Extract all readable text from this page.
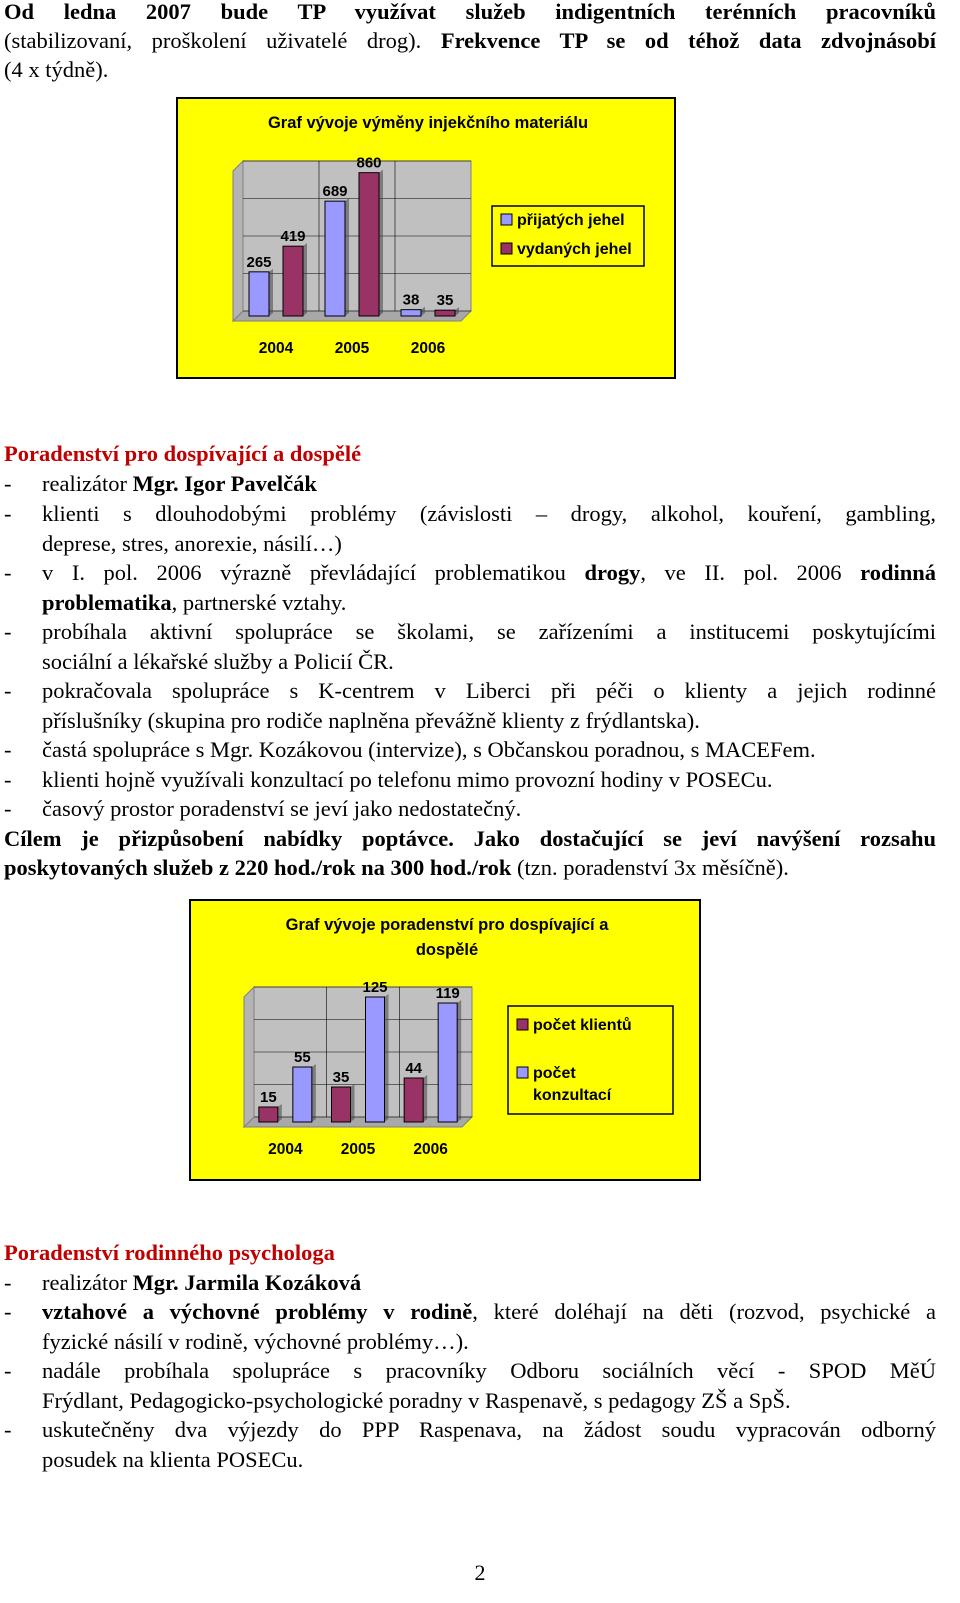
Od ledna 2007 bude TP využívat služeb indigentních terénních pracovníků
(stabilizovaní, proškolení uživatelé drog). Frekvence TP se od téhož data zdvojnásobí
(4 x týdně).
Graf vývoje výměny injekčního materiálu
265
419
2004
689
860
2005
38 35
2006
přijatých jehel
vydaných jehel
Poradenství pro dospívající a dospělé
- realizátor Mgr. Igor Pavelčák
- klienti s dlouhodobými problémy (závislosti – drogy, alkohol, kouření, gambling,
deprese, stres, anorexie, násilí…)
- v I. pol. 2006 výrazně převládající problematikou drogy, ve II. pol. 2006 rodinná
problematika, partnerské vztahy.
- probíhala aktivní spolupráce se školami, se zařízeními a institucemi poskytujícími
sociální a lékařské služby a Policií ČR.
- pokračovala spolupráce s K-centrem v Liberci při péči o klienty a jejich rodinné
příslušníky (skupina pro rodiče naplněna převážně klienty z frýdlantska).
- častá spolupráce s Mgr. Kozákovou (intervize), s Občanskou poradnou, s MACEFem.
- klienti hojně využívali konzultací po telefonu mimo provozní hodiny v POSECu.
- časový prostor poradenství se jeví jako nedostatečný.
Cílem je přizpůsobení nabídky poptávce. Jako dostačující se jeví navýšení rozsahu
poskytovaných služeb z 220 hod./rok na 300 hod./rok (tzn. poradenství 3x měsíčně).
Graf vývoje poradenství pro dospívající a
dospělé
15
55
2004
35
125
2005
44
119
2006
počet klientů
počet
konzultací
Poradenství rodinného psychologa
- realizátor Mgr. Jarmila Kozáková
- vztahové a výchovné problémy v rodině, které doléhají na děti (rozvod, psychické a
fyzické násilí v rodině, výchovné problémy…).
- nadále probíhala spolupráce s pracovníky Odboru sociálních věcí - SPOD MěÚ
Frýdlant, Pedagogicko-psychologické poradny v Raspenavě, s pedagogy ZŠ a SpŠ.
- uskutečněny dva výjezdy do PPP Raspenava, na žádost soudu vypracován odborný
posudek na klienta POSECu.
2
